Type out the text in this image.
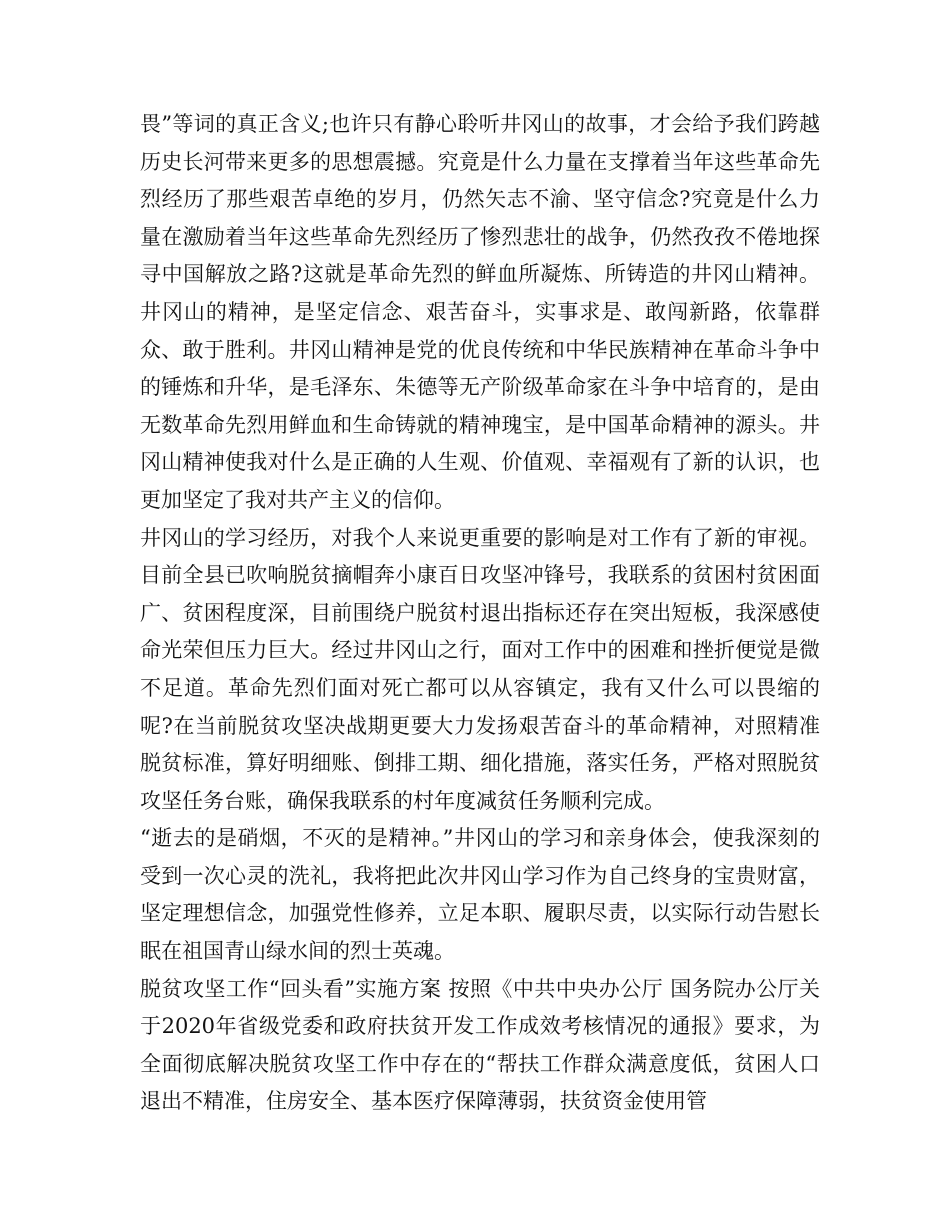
畏”等词的真正含义;也许只有静心聆听井冈山的故事，才会给予我们跨越历史长河带来更多的思想震撼。究竟是什么力量在支撑着当年这些革命先烈经历了那些艰苦卓绝的岁月，仍然矢志不渝、坚守信念?究竟是什么力量在激励着当年这些革命先烈经历了惨烈悲壮的战争，仍然孜孜不倦地探寻中国解放之路?这就是革命先烈的鲜血所凝炼、所铸造的井冈山精神。井冈山的精神，是坚定信念、艰苦奋斗，实事求是、敢闯新路，依靠群众、敢于胜利。井冈山精神是党的优良传统和中华民族精神在革命斗争中的锤炼和升华，是毛泽东、朱德等无产阶级革命家在斗争中培育的，是由无数革命先烈用鲜血和生命铸就的精神瑰宝，是中国革命精神的源头。井冈山精神使我对什么是正确的人生观、价值观、幸福观有了新的认识，也更加坚定了我对共产主义的信仰。

井冈山的学习经历，对我个人来说更重要的影响是对工作有了新的审视。目前全县已吹响脱贫摘帽奔小康百日攻坚冲锋号，我联系的贫困村贫困面广、贫困程度深，目前围绕户脱贫村退出指标还存在突出短板，我深感使命光荣但压力巨大。经过井冈山之行，面对工作中的困难和挫折便觉是微不足道。革命先烈们面对死亡都可以从容镇定，我有又什么可以畏缩的呢?在当前脱贫攻坚决战期更要大力发扬艰苦奋斗的革命精神，对照精准脱贫标准，算好明细账、倒排工期、细化措施，落实任务，严格对照脱贫攻坚任务台账，确保我联系的村年度减贫任务顺利完成。

“逝去的是硝烟，不灭的是精神。”井冈山的学习和亲身体会，使我深刻的受到一次心灵的洗礼，我将把此次井冈山学习作为自己终身的宝贵财富，坚定理想信念，加强党性修养，立足本职、履职尽责，以实际行动告慰长眠在祖国青山绿水间的烈士英魂。

脱贫攻坚工作“回头看”实施方案 按照《中共中央办公厅 国务院办公厅关于2020年省级党委和政府扶贫开发工作成效考核情况的通报》要求，为全面彻底解决脱贫攻坚工作中存在的“帮扶工作群众满意度低，贫困人口退出不精准，住房安全、基本医疗保障薄弱，扶贫资金使用管
